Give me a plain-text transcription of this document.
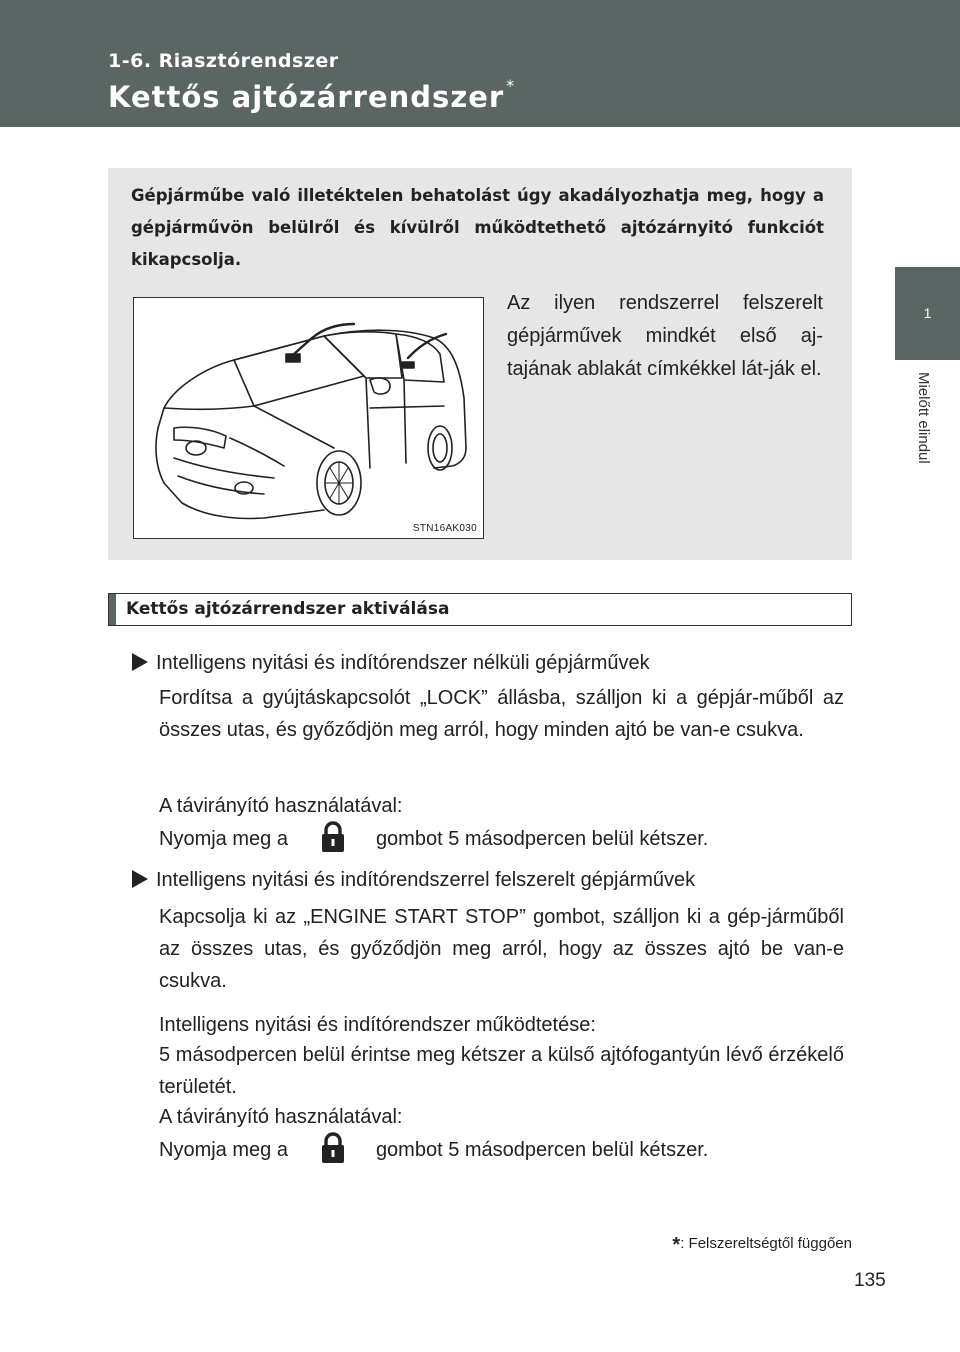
1-6. Riasztórendszer
Kettős ajtózárrendszer *
1
Mielőtt elindul
Gépjárműbe való illetéktelen behatolást úgy akadályozhatja meg, hogy a gépjárművön belülről és kívülről működtethető ajtózárnyitó funkciót kikapcsolja.
STN16AK030
Az ilyen rendszerrel felszerelt gépjárművek mindkét első aj-tajának ablakát címkékkel lát-ják el.
Kettős ajtózárrendszer aktiválása
Intelligens nyitási és indítórendszer nélküli gépjárművek
Fordítsa a gyújtáskapcsolót „LOCK” állásba, szálljon ki a gépjár-műből az összes utas, és győződjön meg arról, hogy minden ajtó be van-e csukva.
A távirányító használatával:
Nyomja meg a	gombot 5 másodpercen belül kétszer.
Intelligens nyitási és indítórendszerrel felszerelt gépjárművek
Kapcsolja ki az „ENGINE START STOP” gombot, szálljon ki a gép-járműből az összes utas, és győződjön meg arról, hogy az összes ajtó be van-e csukva.
Intelligens nyitási és indítórendszer működtetése:
5 másodpercen belül érintse meg kétszer a külső ajtófogantyún lévő érzékelő területét.
A távirányító használatával:
Nyomja meg a	gombot 5 másodpercen belül kétszer.
*: Felszereltségtől függően
135
